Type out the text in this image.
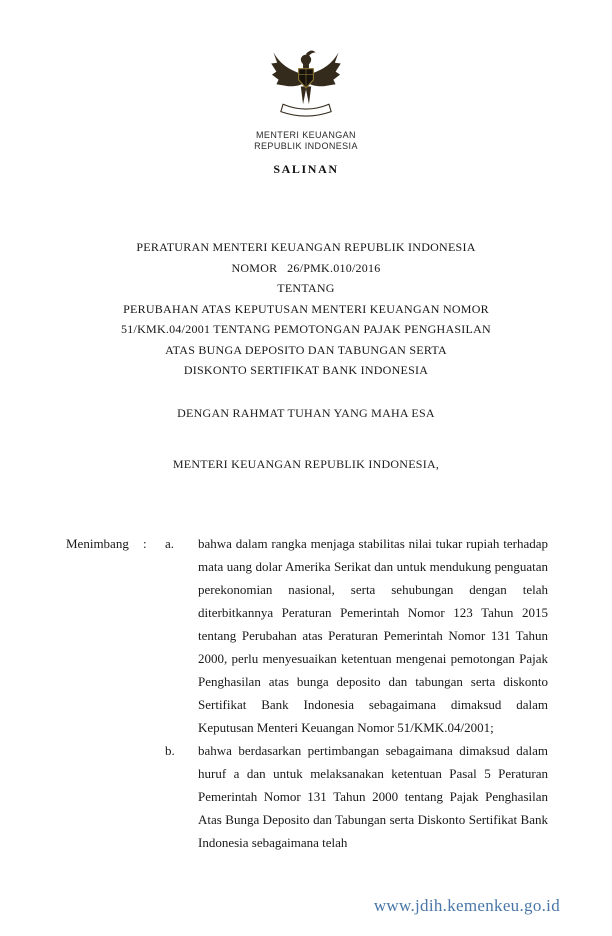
MENTERI KEUANGAN
REPUBLIK INDONESIA
SALINAN
PERATURAN MENTERI KEUANGAN REPUBLIK INDONESIA
NOMOR   26/PMK.010/2016
TENTANG
PERUBAHAN ATAS KEPUTUSAN MENTERI KEUANGAN NOMOR
51/KMK.04/2001 TENTANG PEMOTONGAN PAJAK PENGHASILAN
ATAS BUNGA DEPOSITO DAN TABUNGAN SERTA
DISKONTO SERTIFIKAT BANK INDONESIA
DENGAN RAHMAT TUHAN YANG MAHA ESA
MENTERI KEUANGAN REPUBLIK INDONESIA,
Menimbang	:	a.	bahwa dalam rangka menjaga stabilitas nilai tukar rupiah terhadap mata uang dolar Amerika Serikat dan untuk mendukung penguatan perekonomian nasional, serta sehubungan dengan telah diterbitkannya Peraturan Pemerintah Nomor 123 Tahun 2015 tentang Perubahan atas Peraturan Pemerintah Nomor 131 Tahun 2000, perlu menyesuaikan ketentuan mengenai pemotongan Pajak Penghasilan atas bunga deposito dan tabungan serta diskonto Sertifikat Bank Indonesia sebagaimana dimaksud dalam Keputusan Menteri Keuangan Nomor 51/KMK.04/2001;

b.	bahwa berdasarkan pertimbangan sebagaimana dimaksud dalam huruf a dan untuk melaksanakan ketentuan Pasal 5 Peraturan Pemerintah Nomor 131 Tahun 2000 tentang Pajak Penghasilan Atas Bunga Deposito dan Tabungan serta Diskonto Sertifikat Bank Indonesia sebagaimana telah

www.jdih.kemenkeu.go.id
